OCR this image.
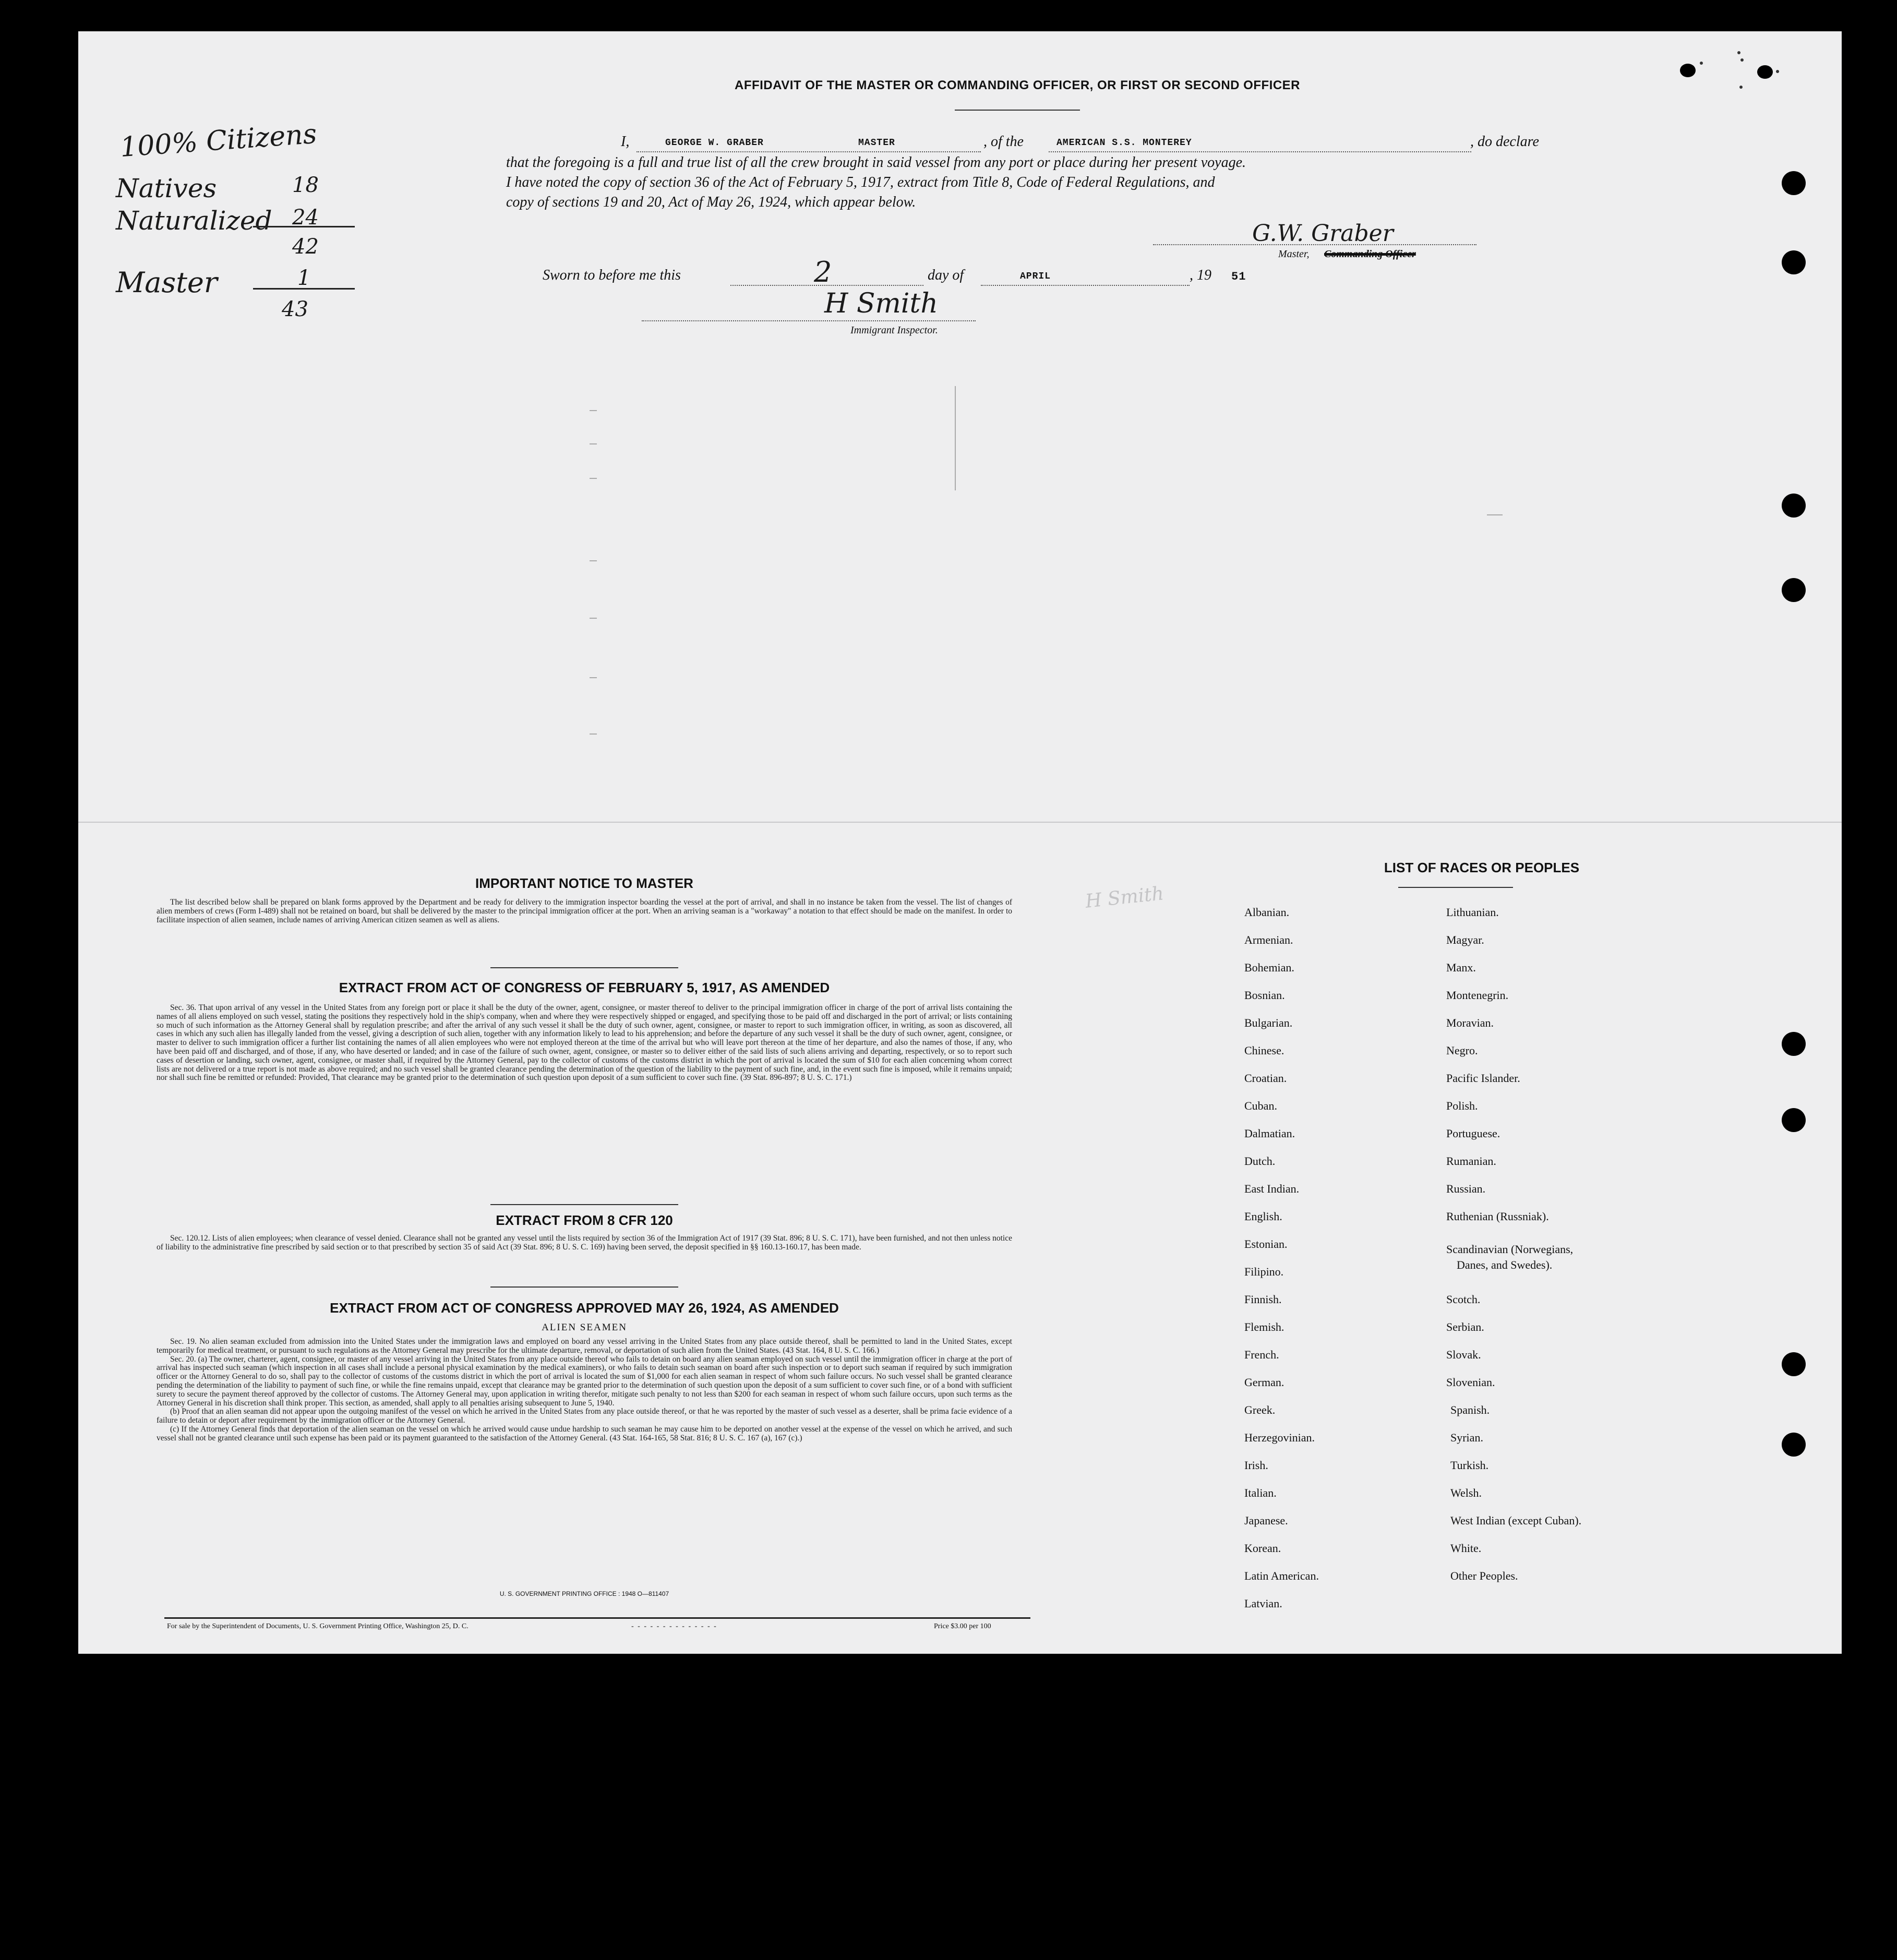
100% Citizens
Natives	18
Naturalized 24
42
Master	1
43
AFFIDAVIT OF THE MASTER OR COMMANDING OFFICER, OR FIRST OR SECOND OFFICER
I,	GEORGE W. GRABER	MASTER	, of the	AMERICAN S.S. MONTEREY	, do declare
that the foregoing is a full and true list of all the crew brought in said vessel from any port or place during her present voyage.
I have noted the copy of section 36 of the Act of February 5, 1917, extract from Title 8, Code of Federal Regulations, and
copy of sections 19 and 20, Act of May 26, 1924, which appear below.
G.W. Graber
Master, Commanding Officer
Sworn to before me this	2	day of	APRIL	, 19 51
H Smith
Immigrant Inspector.
H Smith
IMPORTANT NOTICE TO MASTER

The list described below shall be prepared on blank forms approved by the Department and be ready for delivery to the immigration inspector boarding the vessel at the port of arrival, and shall in no instance be taken from the vessel. The list of changes of alien members of crews (Form I-489) shall not be retained on board, but shall be delivered by the master to the principal immigration officer at the port. When an arriving seaman is a "workaway" a notation to that effect should be made on the manifest. In order to facilitate inspection of alien seamen, include names of arriving American citizen seamen as well as aliens.

EXTRACT FROM ACT OF CONGRESS OF FEBRUARY 5, 1917, AS AMENDED

Sec. 36. That upon arrival of any vessel in the United States from any foreign port or place it shall be the duty of the owner, agent, consignee, or master thereof to deliver to the principal immigration officer in charge of the port of arrival lists containing the names of all aliens employed on such vessel, stating the positions they respectively hold in the ship's company, when and where they were respectively shipped or engaged, and specifying those to be paid off and discharged in the port of arrival; or lists containing so much of such information as the Attorney General shall by regulation prescribe; and after the arrival of any such vessel it shall be the duty of such owner, agent, consignee, or master to report to such immigration officer, in writing, as soon as discovered, all cases in which any such alien has illegally landed from the vessel, giving a description of such alien, together with any information likely to lead to his apprehension; and before the departure of any such vessel it shall be the duty of such owner, agent, consignee, or master to deliver to such immigration officer a further list containing the names of all alien employees who were not employed thereon at the time of the arrival but who will leave port thereon at the time of her departure, and also the names of those, if any, who have been paid off and discharged, and of those, if any, who have deserted or landed; and in case of the failure of such owner, agent, consignee, or master so to deliver either of the said lists of such aliens arriving and departing, respectively, or so to report such cases of desertion or landing, such owner, agent, consignee, or master shall, if required by the Attorney General, pay to the collector of customs of the customs district in which the port of arrival is located the sum of $10 for each alien concerning whom correct lists are not delivered or a true report is not made as above required; and no such vessel shall be granted clearance pending the determination of the question of the liability to the payment of such fine, and, in the event such fine is imposed, while it remains unpaid; nor shall such fine be remitted or refunded: Provided, That clearance may be granted prior to the determination of such question upon deposit of a sum sufficient to cover such fine. (39 Stat. 896-897; 8 U. S. C. 171.)

EXTRACT FROM 8 CFR 120

Sec. 120.12. Lists of alien employees; when clearance of vessel denied. Clearance shall not be granted any vessel until the lists required by section 36 of the Immigration Act of 1917 (39 Stat. 896; 8 U. S. C. 171), have been furnished, and not then unless notice of liability to the administrative fine prescribed by said section or to that prescribed by section 35 of said Act (39 Stat. 896; 8 U. S. C. 169) having been served, the deposit specified in §§ 160.13-160.17, has been made.

EXTRACT FROM ACT OF CONGRESS APPROVED MAY 26, 1924, AS AMENDED
ALIEN SEAMEN

Sec. 19. No alien seaman excluded from admission into the United States under the immigration laws and employed on board any vessel arriving in the United States from any place outside thereof, shall be permitted to land in the United States, except temporarily for medical treatment, or pursuant to such regulations as the Attorney General may prescribe for the ultimate departure, removal, or deportation of such alien from the United States. (43 Stat. 164, 8 U. S. C. 166.)

Sec. 20. (a) The owner, charterer, agent, consignee, or master of any vessel arriving in the United States from any place outside thereof who fails to detain on board any alien seaman employed on such vessel until the immigration officer in charge at the port of arrival has inspected such seaman (which inspection in all cases shall include a personal physical examination by the medical examiners), or who fails to detain such seaman on board after such inspection or to deport such seaman if required by such immigration officer or the Attorney General to do so, shall pay to the collector of customs of the customs district in which the port of arrival is located the sum of $1,000 for each alien seaman in respect of whom such failure occurs. No such vessel shall be granted clearance pending the determination of the liability to payment of such fine, or while the fine remains unpaid, except that clearance may be granted prior to the determination of such question upon the deposit of a sum sufficient to cover such fine, or of a bond with sufficient surety to secure the payment thereof approved by the collector of customs. The Attorney General may, upon application in writing therefor, mitigate such penalty to not less than $200 for each seaman in respect of whom such failure occurs, upon such terms as the Attorney General in his discretion shall think proper. This section, as amended, shall apply to all penalties arising subsequent to June 5, 1940.

(b) Proof that an alien seaman did not appear upon the outgoing manifest of the vessel on which he arrived in the United States from any place outside thereof, or that he was reported by the master of such vessel as a deserter, shall be prima facie evidence of a failure to detain or deport after requirement by the immigration officer or the Attorney General.

(c) If the Attorney General finds that deportation of the alien seaman on the vessel on which he arrived would cause undue hardship to such seaman he may cause him to be deported on another vessel at the expense of the vessel on which he arrived, and such vessel shall not be granted clearance until such expense has been paid or its payment guaranteed to the satisfaction of the Attorney General. (43 Stat. 164-165, 58 Stat. 816; 8 U. S. C. 167 (a), 167 (c).)

U. S. GOVERNMENT PRINTING OFFICE : 1948 O—811407
For sale by the Superintendent of Documents, U. S. Government Printing Office, Washington 25, D. C.	- - - - - - - - - - - - - -	Price $3.00 per 100
LIST OF RACES OR PEOPLES
Albanian.
Armenian.
Bohemian.
Bosnian.
Bulgarian.
Chinese.
Croatian.
Cuban.
Dalmatian.
Dutch.
East Indian.
English.
Estonian.
Filipino.
Finnish.
Flemish.
French.
German.
Greek.
Herzegovinian.
Irish.
Italian.
Japanese.
Korean.
Latin American.
Latvian.
Lithuanian.
Magyar.
Manx.
Montenegrin.
Moravian.
Negro.
Pacific Islander.
Polish.
Portuguese.
Rumanian.
Russian.
Ruthenian (Russniak).
Scandinavian (Norwegians,
Danes, and Swedes).
Scotch.
Serbian.
Slovak.
Slovenian.
Spanish.
Syrian.
Turkish.
Welsh.
West Indian (except Cuban).
White.
Other Peoples.
